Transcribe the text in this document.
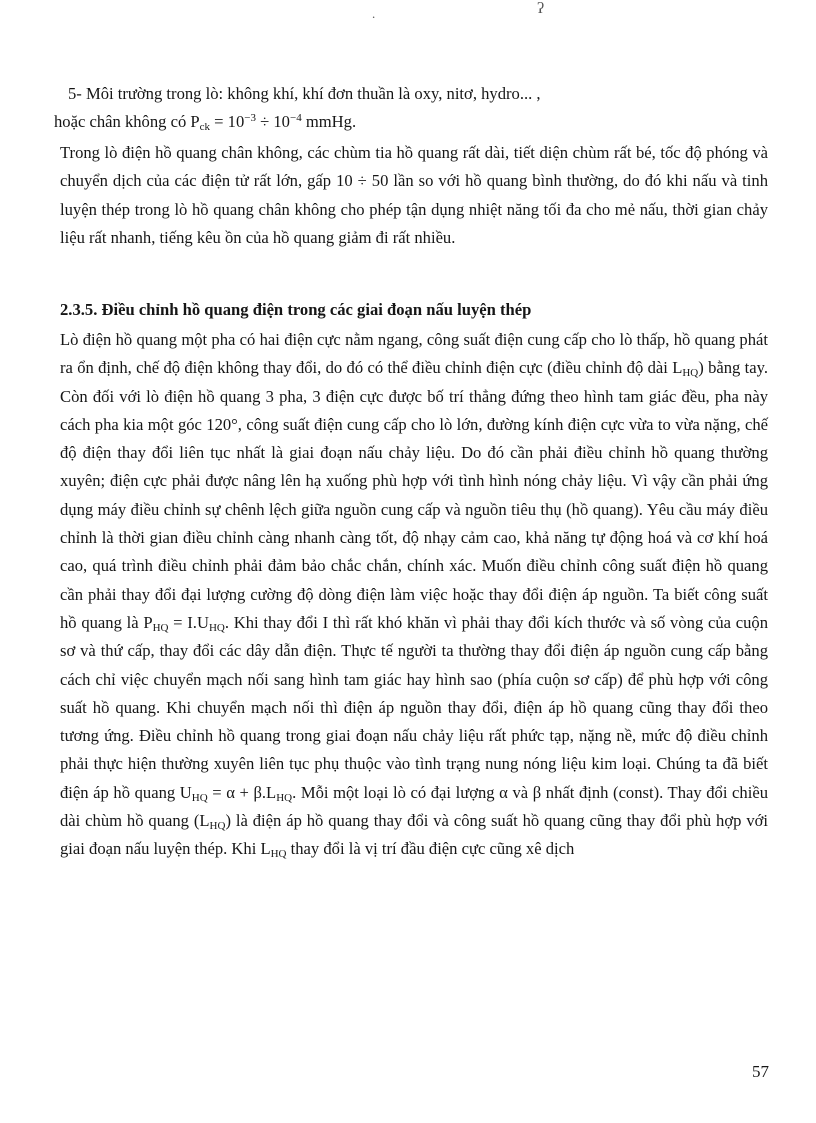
.	ʔ

5- Môi trường trong lò: không khí, khí đơn thuần là oxy, nitơ, hydro... ,

hoặc chân không có $P_{ck} = 10^{-3} \div 10^{-4}$ mmHg.

Trong lò điện hồ quang chân không, các chùm tia hồ quang rất dài, tiết diện chùm rất bé, tốc độ phóng và chuyển dịch của các điện tử rất lớn, gấp 10 ÷ 50 lần so với hồ quang bình thường, do đó khi nấu và tinh luyện thép trong lò hồ quang chân không cho phép tận dụng nhiệt năng tối đa cho mẻ nấu, thời gian chảy liệu rất nhanh, tiếng kêu ồn của hồ quang giảm đi rất nhiều.

2.3.5. Điều chỉnh hồ quang điện trong các giai đoạn nấu luyện thép

Lò điện hồ quang một pha có hai điện cực nằm ngang, công suất điện cung cấp cho lò thấp, hồ quang phát ra ổn định, chế độ điện không thay đổi, do đó có thể điều chỉnh điện cực (điều chỉnh độ dài $L_{HQ}$) bằng tay. Còn đối với lò điện hồ quang 3 pha, 3 điện cực được bố trí thẳng đứng theo hình tam giác đều, pha này cách pha kia một góc 120°, công suất điện cung cấp cho lò lớn, đường kính điện cực vừa to vừa nặng, chế độ điện thay đổi liên tục nhất là giai đoạn nấu chảy liệu. Do đó cần phải điều chỉnh hồ quang thường xuyên; điện cực phải được nâng lên hạ xuống phù hợp với tình hình nóng chảy liệu. Vì vậy cần phải ứng dụng máy điều chỉnh sự chênh lệch giữa nguồn cung cấp và nguồn tiêu thụ (hồ quang). Yêu cầu máy điều chỉnh là thời gian điều chỉnh càng nhanh càng tốt, độ nhạy cảm cao, khả năng tự động hoá và cơ khí hoá cao, quá trình điều chỉnh phải đảm bảo chắc chắn, chính xác. Muốn điều chỉnh công suất điện hồ quang cần phải thay đổi đại lượng cường độ dòng điện làm việc hoặc thay đổi điện áp nguồn. Ta biết công suất hồ quang là $P_{HQ} = I.U_{HQ}$. Khi thay đổi I thì rất khó khăn vì phải thay đổi kích thước và số vòng của cuộn sơ và thứ cấp, thay đổi các dây dẫn điện. Thực tế người ta thường thay đổi điện áp nguồn cung cấp bằng cách chỉ việc chuyển mạch nối sang hình tam giác hay hình sao (phía cuộn sơ cấp) để phù hợp với công suất hồ quang. Khi chuyển mạch nối thì điện áp nguồn thay đổi, điện áp hồ quang cũng thay đổi theo tương ứng. Điều chỉnh hồ quang trong giai đoạn nấu chảy liệu rất phức tạp, nặng nề, mức độ điều chỉnh phải thực hiện thường xuyên liên tục phụ thuộc vào tình trạng nung nóng liệu kim loại. Chúng ta đã biết điện áp hồ quang $U_{HQ} = \alpha + \beta.L_{HQ}$. Mỗi một loại lò có đại lượng α và β nhất định (const). Thay đổi chiều dài chùm hồ quang $(L_{HQ})$ là điện áp hồ quang thay đổi và công suất hồ quang cũng thay đổi phù hợp với giai đoạn nấu luyện thép. Khi $L_{HQ}$ thay đổi là vị trí đầu điện cực cũng xê dịch

57
